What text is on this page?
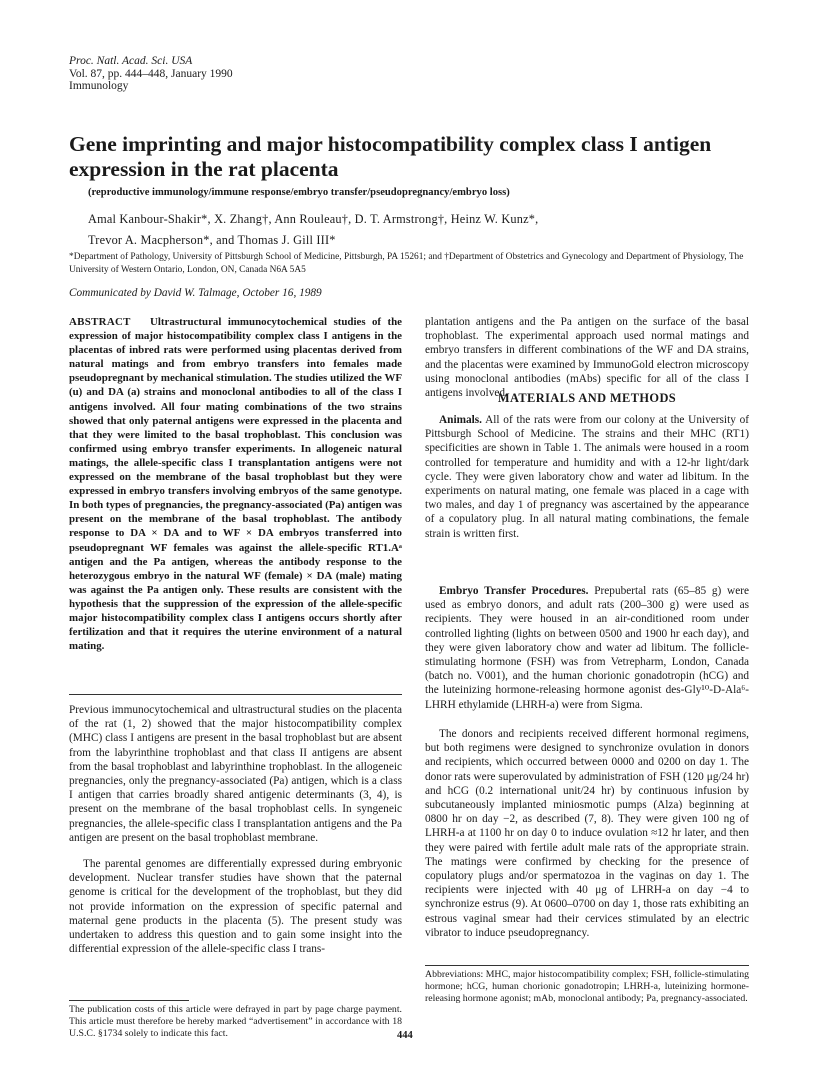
Proc. Natl. Acad. Sci. USA
Vol. 87, pp. 444–448, January 1990
Immunology
Gene imprinting and major histocompatibility complex class I antigen expression in the rat placenta
(reproductive immunology/immune response/embryo transfer/pseudopregnancy/embryo loss)
Amal Kanbour-Shakir*, X. Zhang†, Ann Rouleau†, D. T. Armstrong†, Heinz W. Kunz*,
Trevor A. Macpherson*, and Thomas J. Gill III*
*Department of Pathology, University of Pittsburgh School of Medicine, Pittsburgh, PA 15261; and †Department of Obstetrics and Gynecology and Department of Physiology, The University of Western Ontario, London, ON, Canada N6A 5A5
Communicated by David W. Talmage, October 16, 1989
ABSTRACT Ultrastructural immunocytochemical studies of the expression of major histocompatibility complex class I antigens in the placentas of inbred rats were performed using placentas derived from natural matings and from embryo transfers into females made pseudopregnant by mechanical stimulation. The studies utilized the WF (u) and DA (a) strains and monoclonal antibodies to all of the class I antigens involved. All four mating combinations of the two strains showed that only paternal antigens were expressed in the placenta and that they were limited to the basal trophoblast. This conclusion was confirmed using embryo transfer experiments. In allogeneic natural matings, the allele-specific class I transplantation antigens were not expressed on the membrane of the basal trophoblast but they were expressed in embryo transfers involving embryos of the same genotype. In both types of pregnancies, the pregnancy-associated (Pa) antigen was present on the membrane of the basal trophoblast. The antibody response to DA × DA and to WF × DA embryos transferred into pseudopregnant WF females was against the allele-specific RT1.Aᵃ antigen and the Pa antigen, whereas the antibody response to the heterozygous embryo in the natural WF (female) × DA (male) mating was against the Pa antigen only. These results are consistent with the hypothesis that the suppression of the expression of the allele-specific major histocompatibility complex class I antigens occurs shortly after fertilization and that it requires the uterine environment of a natural mating.
Previous immunocytochemical and ultrastructural studies on the placenta of the rat (1, 2) showed that the major histocompatibility complex (MHC) class I antigens are present in the basal trophoblast but are absent from the labyrinthine trophoblast and that class II antigens are absent from the basal trophoblast and labyrinthine trophoblast. In the allogeneic pregnancies, only the pregnancy-associated (Pa) antigen, which is a class I antigen that carries broadly shared antigenic determinants (3, 4), is present on the membrane of the basal trophoblast cells. In syngeneic pregnancies, the allele-specific class I transplantation antigens and the Pa antigen are present on the basal trophoblast membrane.
The parental genomes are differentially expressed during embryonic development. Nuclear transfer studies have shown that the paternal genome is critical for the development of the trophoblast, but they did not provide information on the expression of specific paternal and maternal gene products in the placenta (5). The present study was undertaken to address this question and to gain some insight into the differential expression of the allele-specific class I trans-
The publication costs of this article were defrayed in part by page charge payment. This article must therefore be hereby marked “advertisement” in accordance with 18 U.S.C. §1734 solely to indicate this fact.
plantation antigens and the Pa antigen on the surface of the basal trophoblast. The experimental approach used normal matings and embryo transfers in different combinations of the WF and DA strains, and the placentas were examined by ImmunoGold electron microscopy using monoclonal antibodies (mAbs) specific for all of the class I antigens involved.
MATERIALS AND METHODS
Animals. All of the rats were from our colony at the University of Pittsburgh School of Medicine. The strains and their MHC (RT1) specificities are shown in Table 1. The animals were housed in a room controlled for temperature and humidity and with a 12-hr light/dark cycle. They were given laboratory chow and water ad libitum. In the experiments on natural mating, one female was placed in a cage with two males, and day 1 of pregnancy was ascertained by the appearance of a copulatory plug. In all natural mating combinations, the female strain is written first.
Embryo Transfer Procedures. Prepubertal rats (65–85 g) were used as embryo donors, and adult rats (200–300 g) were used as recipients. They were housed in an air-conditioned room under controlled lighting (lights on between 0500 and 1900 hr each day), and they were given laboratory chow and water ad libitum. The follicle-stimulating hormone (FSH) was from Vetrepharm, London, Canada (batch no. V001), and the human chorionic gonadotropin (hCG) and the luteinizing hormone-releasing hormone agonist des-Gly¹⁰-D-Ala⁶-LHRH ethylamide (LHRH-a) were from Sigma.
The donors and recipients received different hormonal regimens, but both regimens were designed to synchronize ovulation in donors and recipients, which occurred between 0000 and 0200 on day 1. The donor rats were superovulated by administration of FSH (120 μg/24 hr) and hCG (0.2 international unit/24 hr) by continuous infusion by subcutaneously implanted miniosmotic pumps (Alza) beginning at 0800 hr on day −2, as described (7, 8). They were given 100 ng of LHRH-a at 1100 hr on day 0 to induce ovulation ≈12 hr later, and then they were paired with fertile adult male rats of the appropriate strain. The matings were confirmed by checking for the presence of copulatory plugs and/or spermatozoa in the vaginas on day 1. The recipients were injected with 40 μg of LHRH-a on day −4 to synchronize estrus (9). At 0600–0700 on day 1, those rats exhibiting an estrous vaginal smear had their cervices stimulated by an electric vibrator to induce pseudopregnancy.
Abbreviations: MHC, major histocompatibility complex; FSH, follicle-stimulating hormone; hCG, human chorionic gonadotropin; LHRH-a, luteinizing hormone-releasing hormone agonist; mAb, monoclonal antibody; Pa, pregnancy-associated.
444
